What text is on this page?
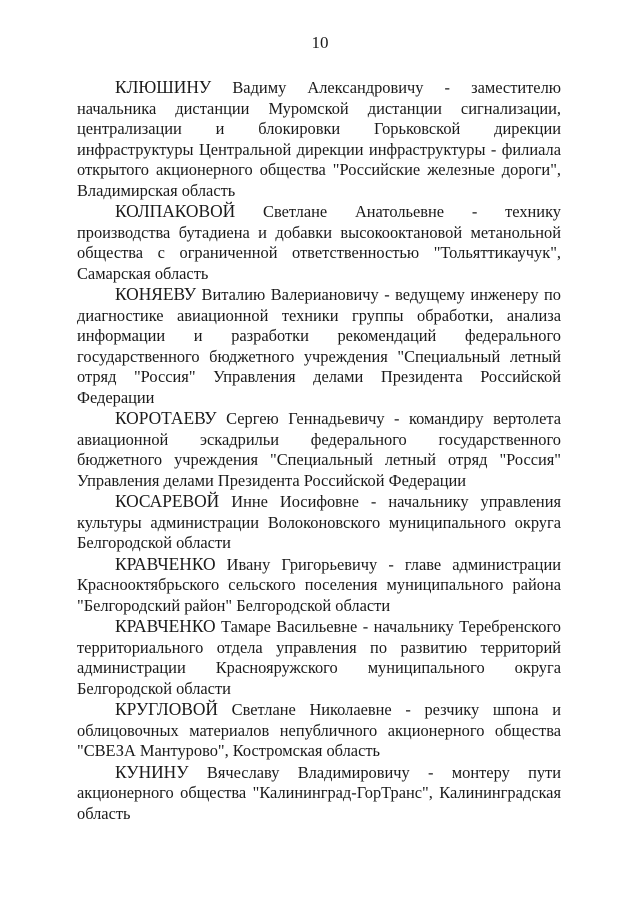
10

КЛЮШИНУ Вадиму Александровичу - заместителю начальника дистанции Муромской дистанции сигнализации, централизации и блокировки Горьковской дирекции инфраструктуры Центральной дирекции инфраструктуры - филиала открытого акционерного общества "Российские железные дороги", Владимирская область

КОЛПАКОВОЙ Светлане Анатольевне - технику производства бутадиена и добавки высокооктановой метанольной общества с ограниченной ответственностью "Тольяттикаучук", Самарская область

КОНЯЕВУ Виталию Валериановичу - ведущему инженеру по диагностике авиационной техники группы обработки, анализа информации и разработки рекомендаций федерального государственного бюджетного учреждения "Специальный летный отряд "Россия" Управления делами Президента Российской Федерации

КОРОТАЕВУ Сергею Геннадьевичу - командиру вертолета авиационной эскадрильи федерального государственного бюджетного учреждения "Специальный летный отряд "Россия" Управления делами Президента Российской Федерации

КОСАРЕВОЙ Инне Иосифовне - начальнику управления культуры администрации Волоконовского муниципального округа Белгородской области

КРАВЧЕНКО Ивану Григорьевичу - главе администрации Краснооктябрьского сельского поселения муниципального района "Белгородский район" Белгородской области

КРАВЧЕНКО Тамаре Васильевне - начальнику Теребренского территориального отдела управления по развитию территорий администрации Краснояружского муниципального округа Белгородской области

КРУГЛОВОЙ Светлане Николаевне - резчику шпона и облицовочных материалов непубличного акционерного общества "СВЕЗА Мантурово", Костромская область

КУНИНУ Вячеславу Владимировичу - монтеру пути акционерного общества "Калининград-ГорТранс", Калининградская область
